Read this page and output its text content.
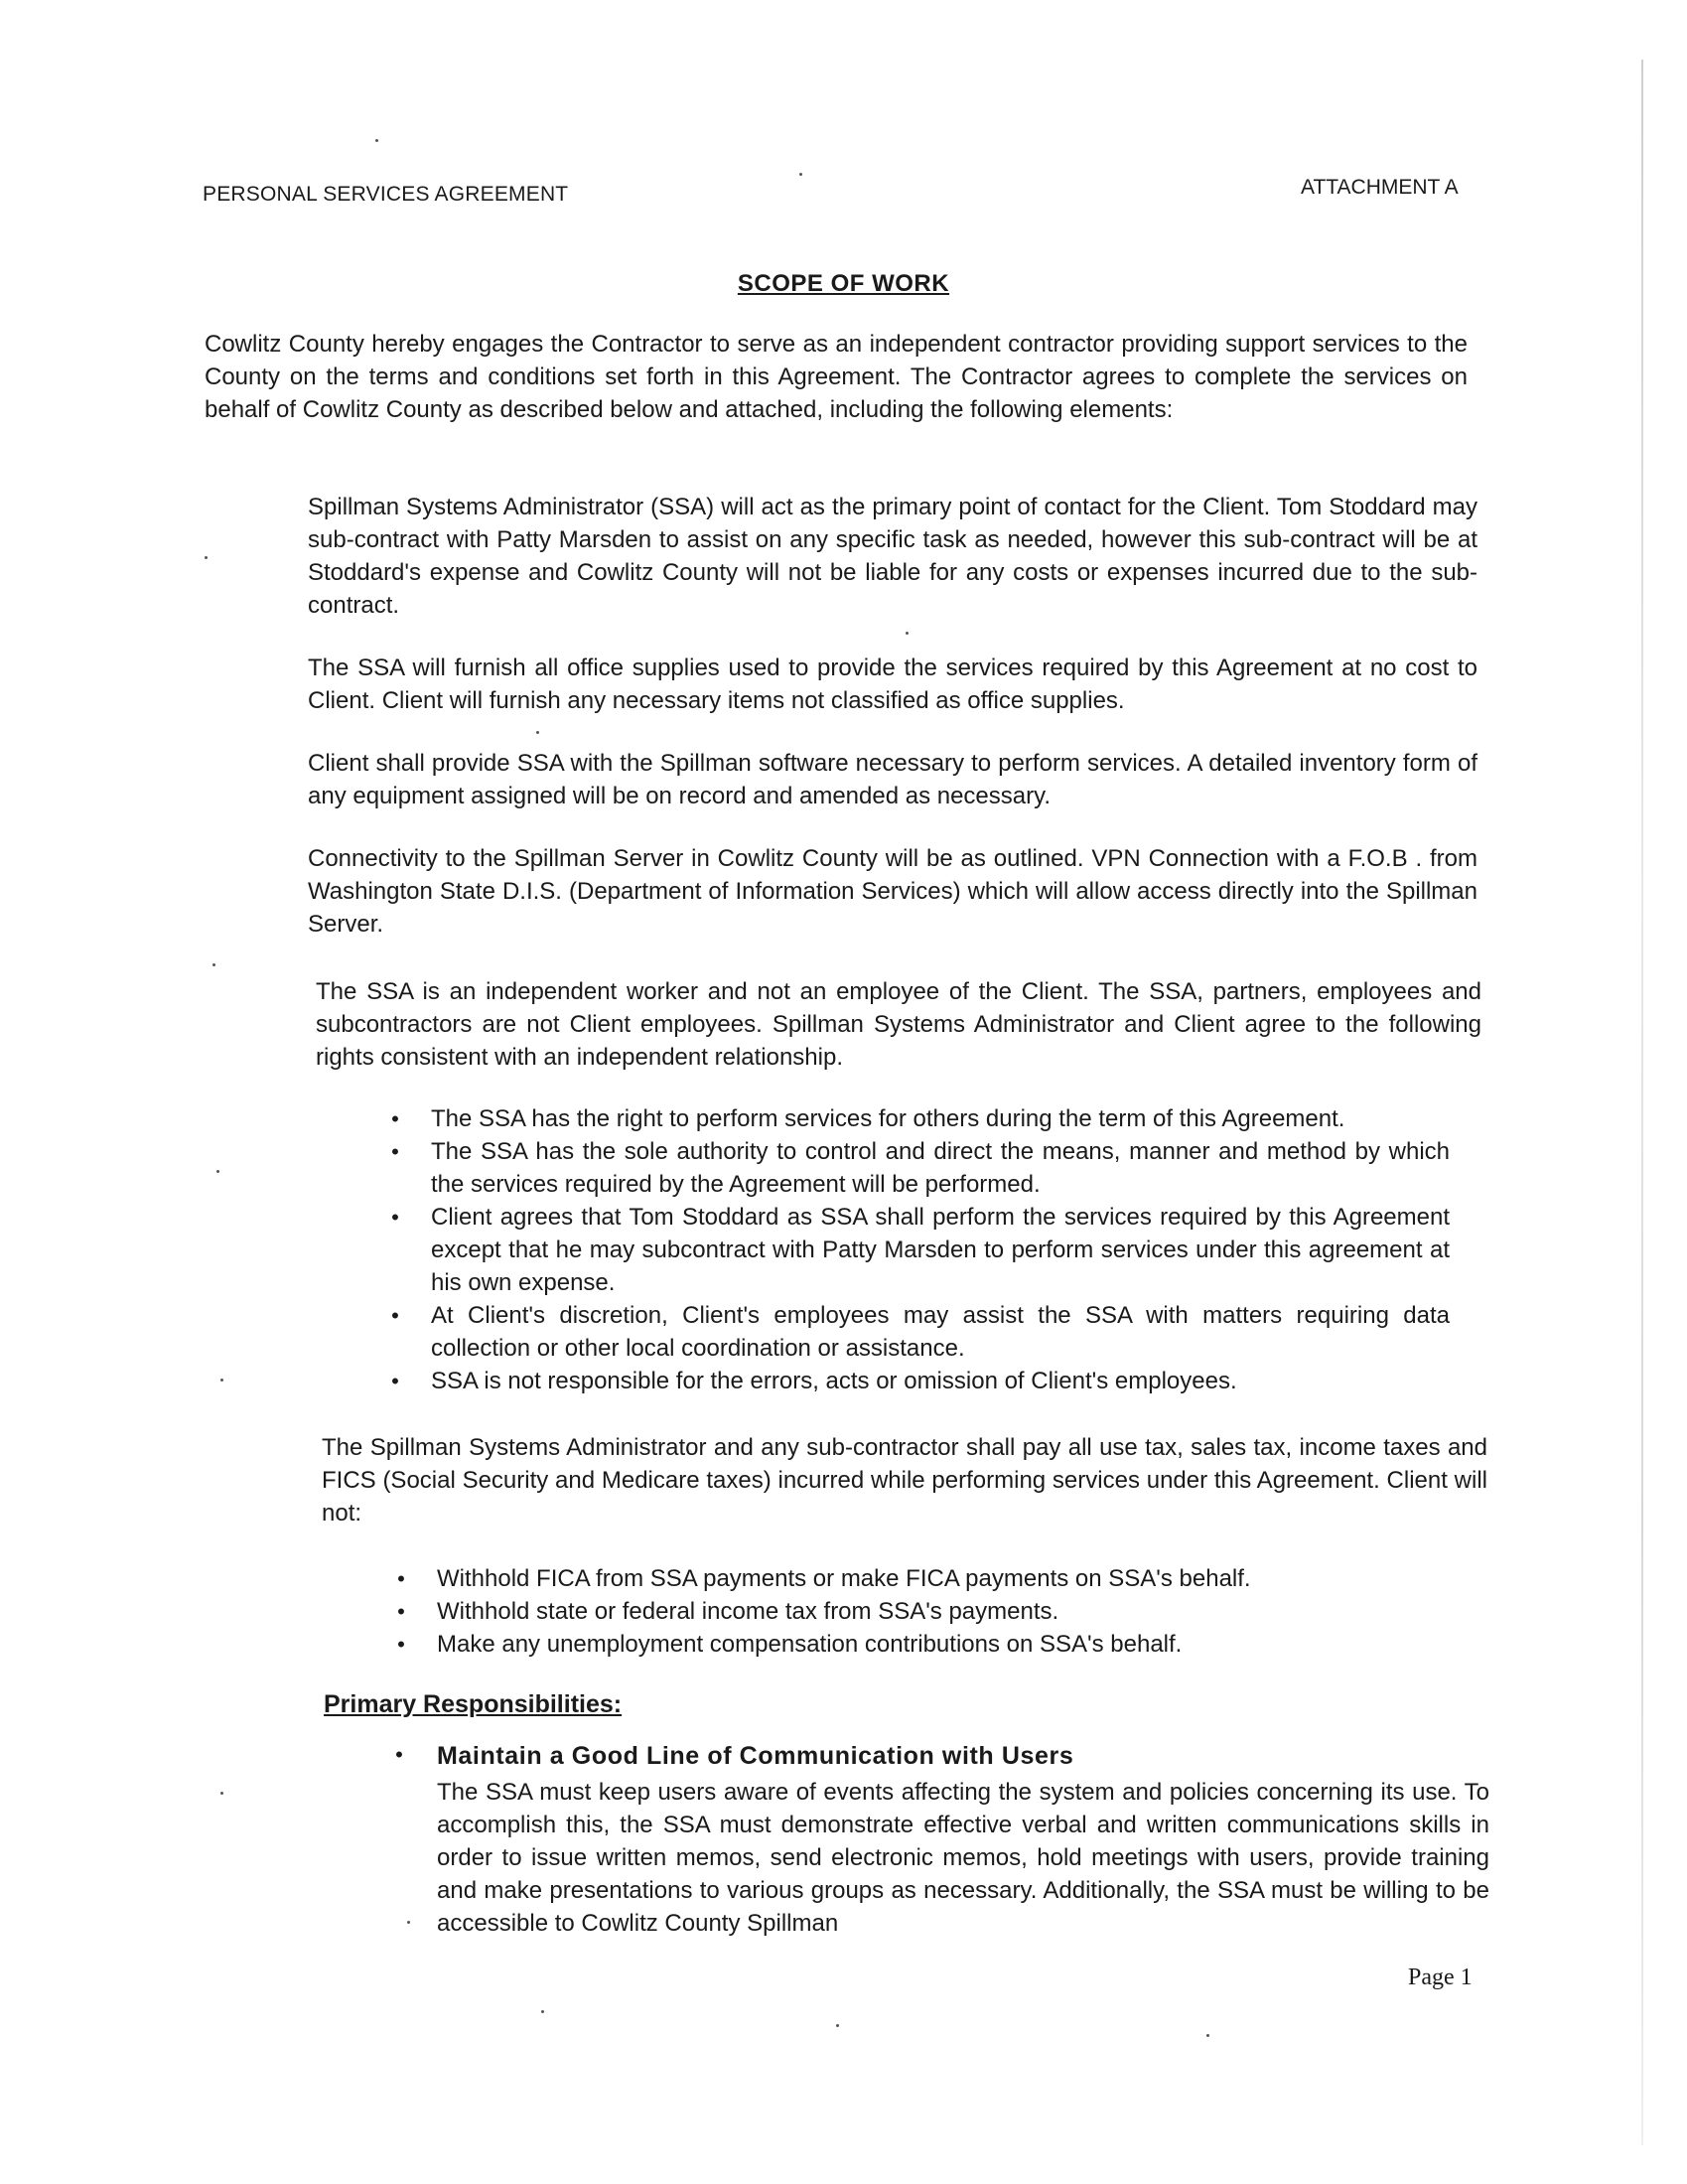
PERSONAL SERVICES AGREEMENT	ATTACHMENT A
SCOPE OF WORK

Cowlitz County hereby engages the Contractor to serve as an independent contractor providing support services to the County on the terms and conditions set forth in this Agreement. The Contractor agrees to complete the services on behalf of Cowlitz County as described below and attached, including the following elements:

Spillman Systems Administrator (SSA) will act as the primary point of contact for the Client. Tom Stoddard may sub-contract with Patty Marsden to assist on any specific task as needed, however this sub-contract will be at Stoddard's expense and Cowlitz County will not be liable for any costs or expenses incurred due to the sub-contract.

The SSA will furnish all office supplies used to provide the services required by this Agreement at no cost to Client. Client will furnish any necessary items not classified as office supplies.

Client shall provide SSA with the Spillman software necessary to perform services. A detailed inventory form of any equipment assigned will be on record and amended as necessary.

Connectivity to the Spillman Server in Cowlitz County will be as outlined. VPN Connection with a F.O.B . from Washington State D.I.S. (Department of Information Services) which will allow access directly into the Spillman Server.

The SSA is an independent worker and not an employee of the Client. The SSA, partners, employees and subcontractors are not Client employees. Spillman Systems Administrator and Client agree to the following rights consistent with an independent relationship.

•	The SSA has the right to perform services for others during the term of this Agreement.
•	The SSA has the sole authority to control and direct the means, manner and method by which the services required by the Agreement will be performed.
•	Client agrees that Tom Stoddard as SSA shall perform the services required by this Agreement except that he may subcontract with Patty Marsden to perform services under this agreement at his own expense.
•	At Client's discretion, Client's employees may assist the SSA with matters requiring data collection or other local coordination or assistance.
•	SSA is not responsible for the errors, acts or omission of Client's employees.

The Spillman Systems Administrator and any sub-contractor shall pay all use tax, sales tax, income taxes and FICS (Social Security and Medicare taxes) incurred while performing services under this Agreement. Client will not:

•	Withhold FICA from SSA payments or make FICA payments on SSA's behalf.
•	Withhold state or federal income tax from SSA's payments.
•	Make any unemployment compensation contributions on SSA's behalf.
Primary Responsibilities:
•	Maintain a Good Line of Communication with Users

The SSA must keep users aware of events affecting the system and policies concerning its use. To accomplish this, the SSA must demonstrate effective verbal and written communications skills in order to issue written memos, send electronic memos, hold meetings with users, provide training and make presentations to various groups as necessary. Additionally, the SSA must be willing to be accessible to Cowlitz County Spillman

Page 1
